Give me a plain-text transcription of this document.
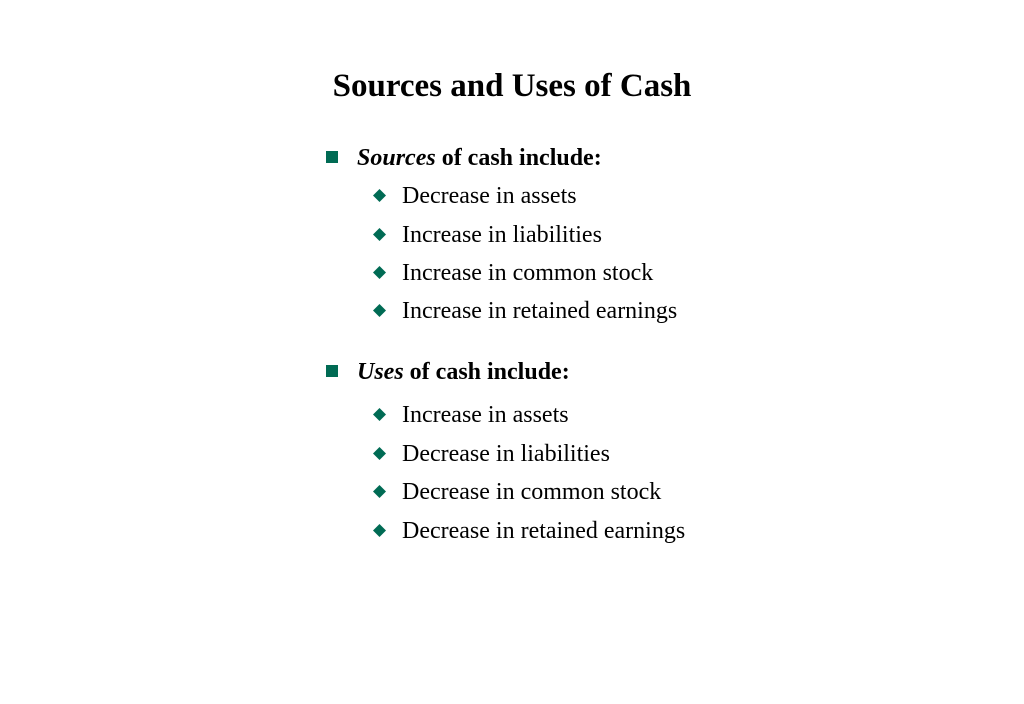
Sources and Uses of Cash
Sources of cash include:
Decrease in assets
Increase in liabilities
Increase in common stock
Increase in retained earnings
Uses of cash include:
Increase in assets
Decrease in liabilities
Decrease in common stock
Decrease in retained earnings
